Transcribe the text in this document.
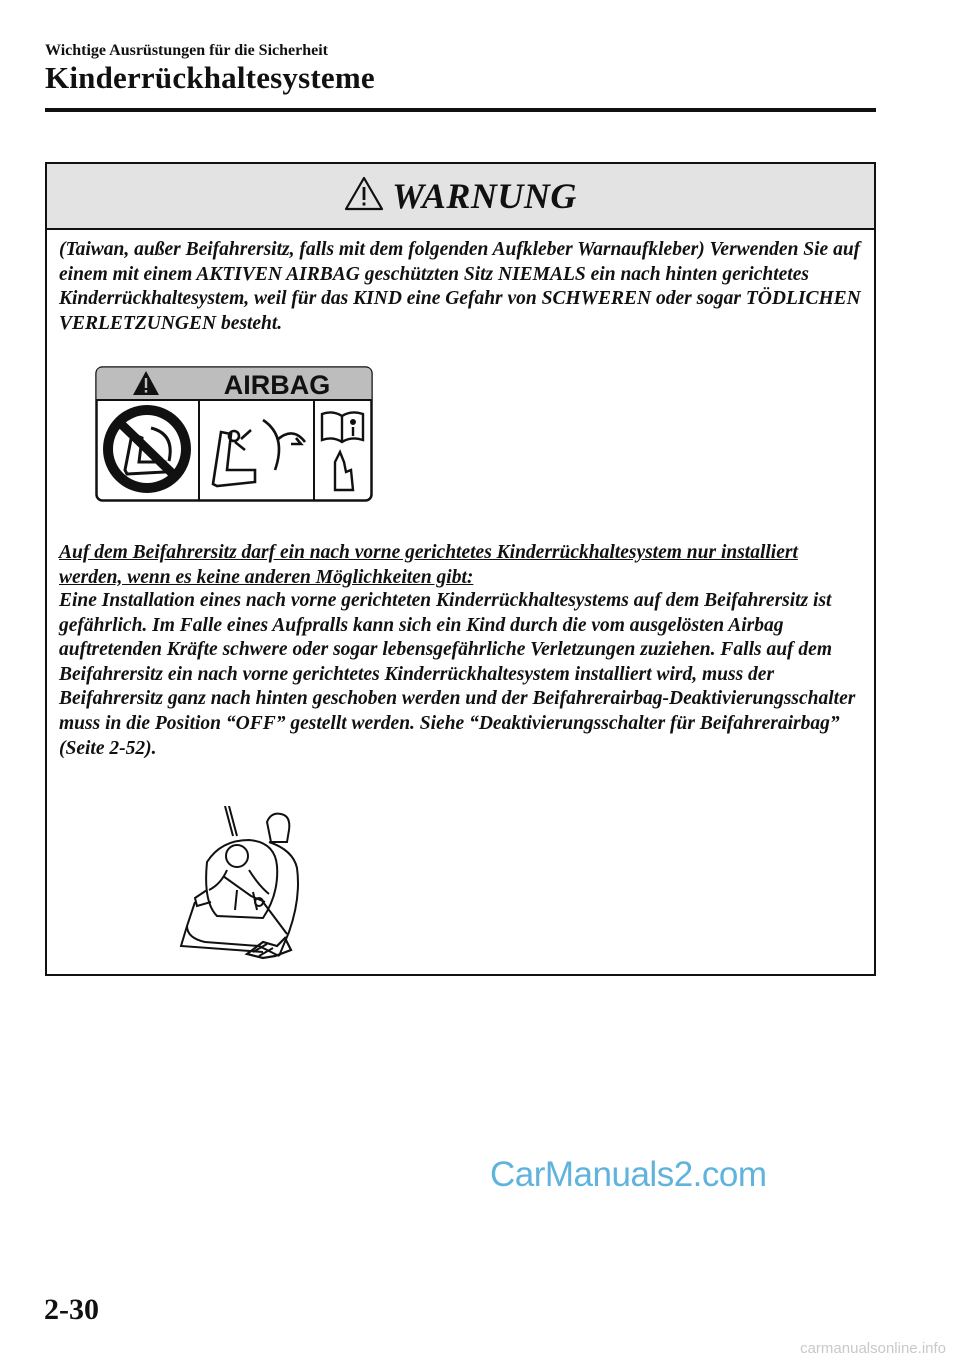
Wichtige Ausrüstungen für die Sicherheit
Kinderrückhaltesysteme
WARNUNG
(Taiwan, außer Beifahrersitz, falls mit dem folgenden Aufkleber Warnaufkleber) Verwenden Sie auf einem mit einem AKTIVEN AIRBAG geschützten Sitz NIEMALS ein nach hinten gerichtetes Kinderrückhaltesystem, weil für das KIND eine Gefahr von SCHWEREN oder sogar TÖDLICHEN VERLETZUNGEN besteht.
AIRBAG
Auf dem Beifahrersitz darf ein nach vorne gerichtetes Kinderrückhaltesystem nur installiert werden, wenn es keine anderen Möglichkeiten gibt:
Eine Installation eines nach vorne gerichteten Kinderrückhaltesystems auf dem Beifahrersitz ist gefährlich. Im Falle eines Aufpralls kann sich ein Kind durch die vom ausgelösten Airbag auftretenden Kräfte schwere oder sogar lebensgefährliche Verletzungen zuziehen. Falls auf dem Beifahrersitz ein nach vorne gerichtetes Kinderrückhaltesystem installiert wird, muss der Beifahrersitz ganz nach hinten geschoben werden und der Beifahrerairbag-Deaktivierungsschalter muss in die Position “OFF” gestellt werden. Siehe “Deaktivierungsschalter für Beifahrerairbag” (Seite 2-52).
CarManuals2.com
2-30
carmanualsonline.info
